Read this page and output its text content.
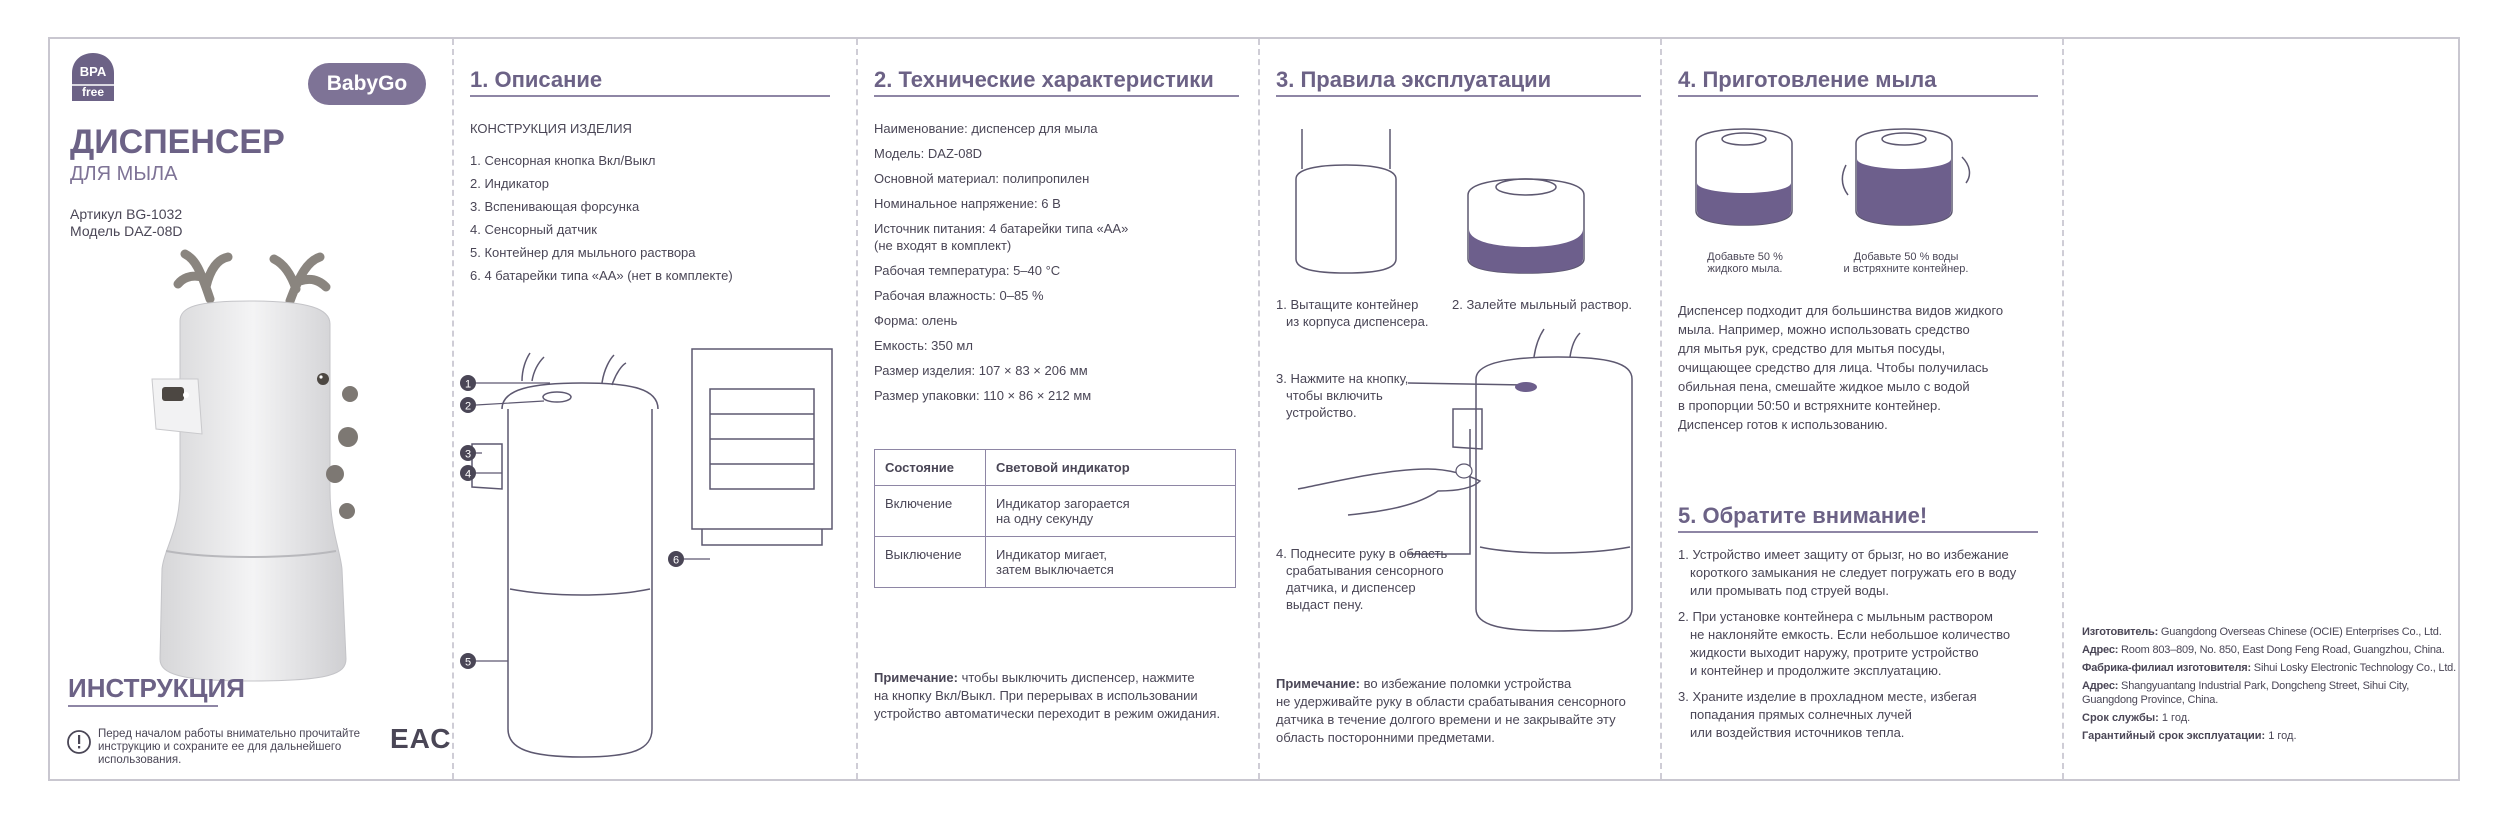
BPA
free	BabyGo
ДИСПЕНСЕР
ДЛЯ МЫЛА
Артикул BG-1032
Модель DAZ-08D
ИНСТРУКЦИЯ
Перед началом работы внимательно прочитайте инструкцию и сохраните ее для дальнейшего использования.
ЕАС
1. Описание
КОНСТРУКЦИЯ ИЗДЕЛИЯ
1. Сенсорная кнопка Вкл/Выкл
2. Индикатор
3. Вспенивающая форсунка
4. Сенсорный датчик
5. Контейнер для мыльного раствора
6. 4 батарейки типа «АА» (нет в комплекте)
1
2
3
4
5
6
2. Технические характеристики
Наименование: диспенсер для мыла
Модель: DAZ-08D
Основной материал: полипропилен
Номинальное напряжение: 6 В
Источник питания: 4 батарейки типа «АА»
(не входят в комплект)
Рабочая температура: 5–40 °С
Рабочая влажность: 0–85 %
Форма: олень
Емкость: 350 мл
Размер изделия: 107 × 83 × 206 мм
Размер упаковки: 110 × 86 × 212 мм
Состояние	Световой индикатор
Включение	Индикатор загорается
на одну секунду

Выключение	Индикатор мигает,
затем выключается
Примечание: чтобы выключить диспенсер, нажмите
на кнопку Вкл/Выкл. При перерывах в использовании
устройство автоматически переходит в режим ожидания.
3. Правила эксплуатации
1. Вытащите контейнер
из корпуса диспенсера.
2. Залейте мыльный раствор.
3. Нажмите на кнопку,
чтобы включить
устройство.
4. Поднесите руку в область
срабатывания сенсорного
датчика, и диспенсер
выдаст пену.
Примечание: во избежание поломки устройства
не удерживайте руку в области срабатывания сенсорного
датчика в течение долгого времени и не закрывайте эту
область посторонними предметами.
4. Приготовление мыла
Добавьте 50 %
жидкого мыла.
Добавьте 50 % воды
и встряхните контейнер.
Диспенсер подходит для большинства видов жидкого
мыла. Например, можно использовать средство
для мытья рук, средство для мытья посуды,
очищающее средство для лица. Чтобы получилась
обильная пена, смешайте жидкое мыло с водой
в пропорции 50:50 и встряхните контейнер.
Диспенсер готов к использованию.
5. Обратите внимание!
1. Устройство имеет защиту от брызг, но во избежание
короткого замыкания не следует погружать его в воду
или промывать под струей воды.
2. При установке контейнера с мыльным раствором
не наклоняйте емкость. Если небольшое количество
жидкости выходит наружу, протрите устройство
и контейнер и продолжите эксплуатацию.
3. Храните изделие в прохладном месте, избегая
попадания прямых солнечных лучей
или воздействия источников тепла.
Изготовитель: Guangdong Overseas Chinese (OCIE) Enterprises Co., Ltd.
Адрес: Room 803–809, No. 850, East Dong Feng Road, Guangzhou, China.
Фабрика-филиал изготовителя: Sihui Losky Electronic Technology Co., Ltd.
Адрес: Shangyuantang Industrial Park, Dongcheng Street, Sihui City,
Guangdong Province, China.
Срок службы: 1 год.
Гарантийный срок эксплуатации: 1 год.
